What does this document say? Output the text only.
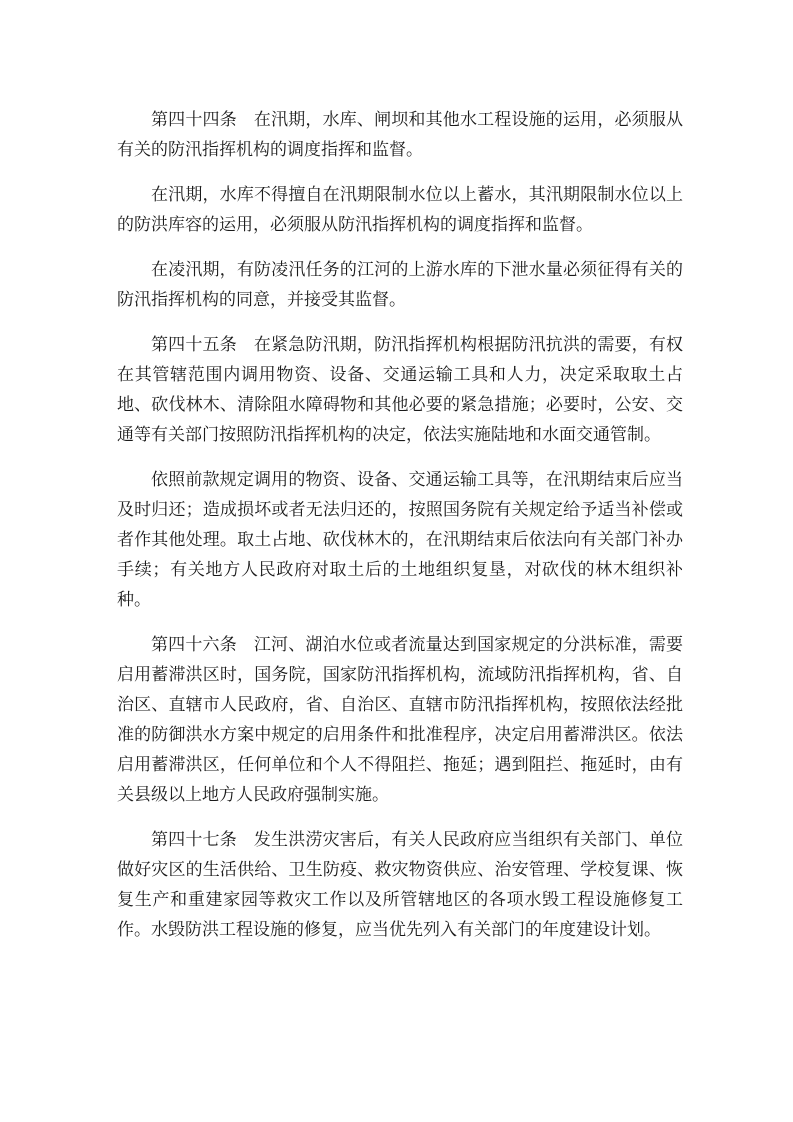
第四十四条 在汛期，水库、闸坝和其他水工程设施的运用，必须服从有关的防汛指挥机构的调度指挥和监督。

在汛期，水库不得擅自在汛期限制水位以上蓄水，其汛期限制水位以上的防洪库容的运用，必须服从防汛指挥机构的调度指挥和监督。

在凌汛期，有防凌汛任务的江河的上游水库的下泄水量必须征得有关的防汛指挥机构的同意，并接受其监督。

第四十五条 在紧急防汛期，防汛指挥机构根据防汛抗洪的需要，有权在其管辖范围内调用物资、设备、交通运输工具和人力，决定采取取土占地、砍伐林木、清除阻水障碍物和其他必要的紧急措施；必要时，公安、交通等有关部门按照防汛指挥机构的决定，依法实施陆地和水面交通管制。

依照前款规定调用的物资、设备、交通运输工具等，在汛期结束后应当及时归还；造成损坏或者无法归还的，按照国务院有关规定给予适当补偿或者作其他处理。取土占地、砍伐林木的，在汛期结束后依法向有关部门补办手续；有关地方人民政府对取土后的土地组织复垦，对砍伐的林木组织补种。

第四十六条 江河、湖泊水位或者流量达到国家规定的分洪标准，需要启用蓄滞洪区时，国务院，国家防汛指挥机构，流域防汛指挥机构，省、自治区、直辖市人民政府，省、自治区、直辖市防汛指挥机构，按照依法经批准的防御洪水方案中规定的启用条件和批准程序，决定启用蓄滞洪区。依法启用蓄滞洪区，任何单位和个人不得阻拦、拖延；遇到阻拦、拖延时，由有关县级以上地方人民政府强制实施。

第四十七条 发生洪涝灾害后，有关人民政府应当组织有关部门、单位做好灾区的生活供给、卫生防疫、救灾物资供应、治安管理、学校复课、恢复生产和重建家园等救灾工作以及所管辖地区的各项水毁工程设施修复工作。水毁防洪工程设施的修复，应当优先列入有关部门的年度建设计划。
